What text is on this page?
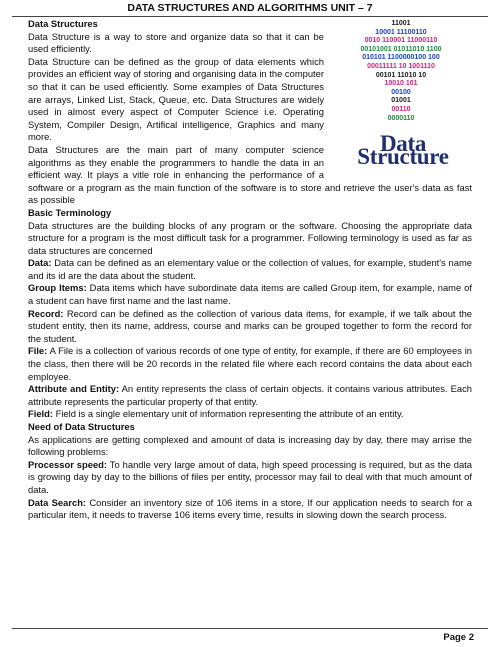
DATA STRUCTURES AND ALGORITHMS UNIT – 7
11001
10001 11100110
0010 110001 11000110
00101001 01011010 1100
010101 1100000100 100
00011111 10 1001110
00101 11010 10
10010 101
00100
01001
00110
0000110
Data Structure

Data Structures

Data Structure is a way to store and organize data so that it can be used efficiently.

Data Structure can be defined as the group of data elements which provides an efficient way of storing and organising data in the computer so that it can be used efficiently. Some examples of Data Structures are arrays, Linked List, Stack, Queue, etc. Data Structures are widely used in almost every aspect of Computer Science i.e. Operating System, Compiler Design, Artifical intelligence, Graphics and many more.

Data Structures are the main part of many computer science algorithms as they enable the programmers to handle the data in an efficient way. It plays a vitle role in enhancing the performance of a software or a program as the main function of the software is to store and retrieve the user's data as fast as possible

Basic Terminology

Data structures are the building blocks of any program or the software. Choosing the appropriate data structure for a program is the most difficult task for a programmer. Following terminology is used as far as data structures are concerned

Data: Data can be defined as an elementary value or the collection of values, for example, student's name and its id are the data about the student.

Group Items: Data items which have subordinate data items are called Group item, for example, name of a student can have first name and the last name.

Record: Record can be defined as the collection of various data items, for example, if we talk about the student entity, then its name, address, course and marks can be grouped together to form the record for the student.

File: A File is a collection of various records of one type of entity, for example, if there are 60 employees in the class, then there will be 20 records in the related file where each record contains the data about each employee.

Attribute and Entity: An entity represents the class of certain objects. it contains various attributes. Each attribute represents the particular property of that entity.

Field: Field is a single elementary unit of information representing the attribute of an entity.

Need of Data Structures

As applications are getting complexed and amount of data is increasing day by day, there may arrise the following problems:

Processor speed: To handle very large amout of data, high speed processing is required, but as the data is growing day by day to the billions of files per entity, processor may fail to deal with that much amount of data.

Data Search: Consider an inventory size of 106 items in a store, If our application needs to search for a particular item, it needs to traverse 106 items every time, results in slowing down the search process.

Page 2
